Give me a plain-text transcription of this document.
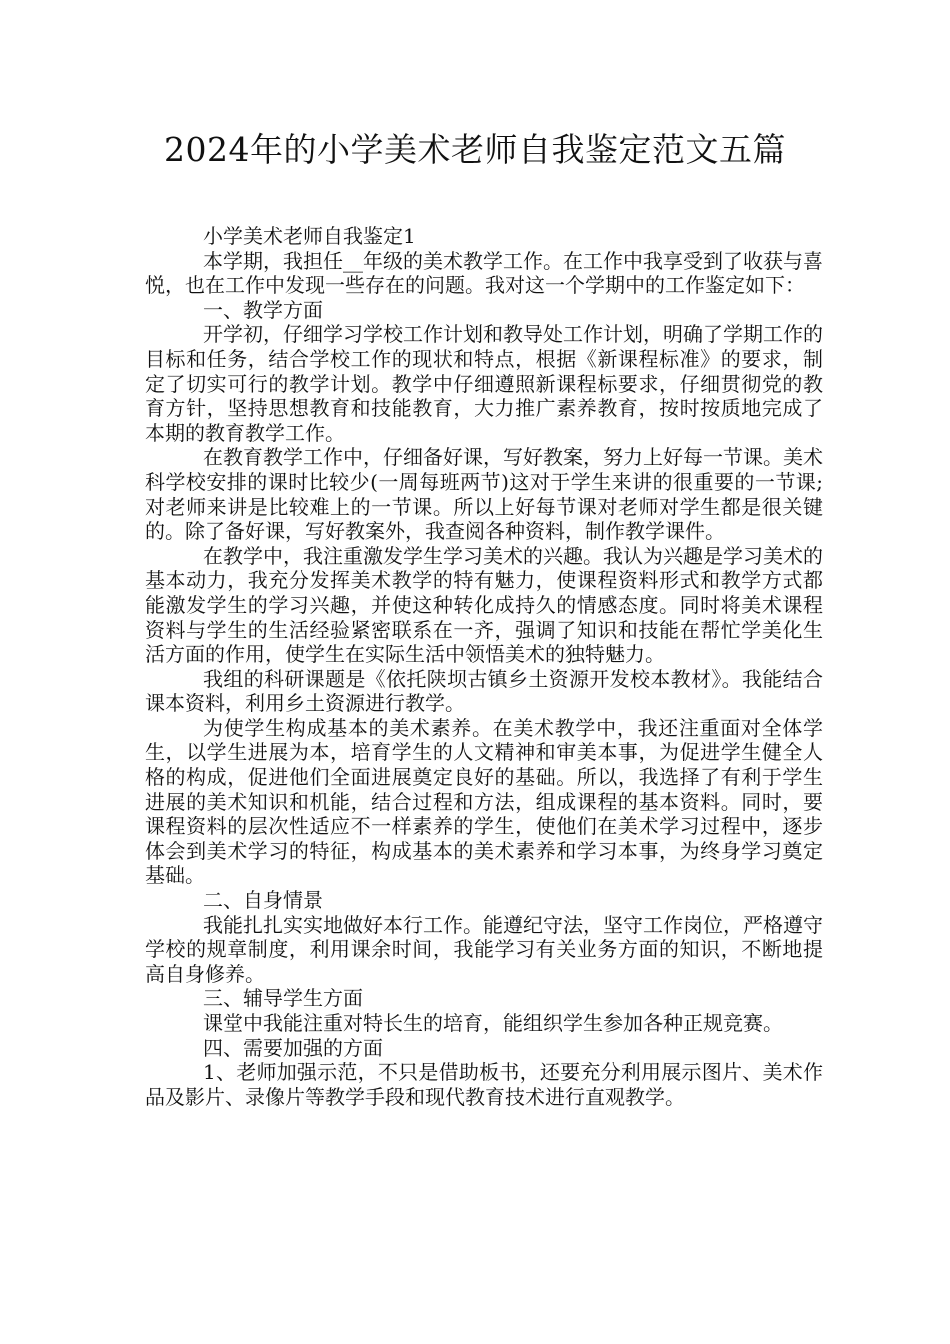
2024年的小学美术老师自我鉴定范文五篇

小学美术老师自我鉴定1

本学期，我担任__年级的美术教学工作。在工作中我享受到了收获与喜悦，也在工作中发现一些存在的问题。我对这一个学期中的工作鉴定如下：

一、教学方面

开学初，仔细学习学校工作计划和教导处工作计划，明确了学期工作的目标和任务，结合学校工作的现状和特点，根据《新课程标准》的要求，制定了切实可行的教学计划。教学中仔细遵照新课程标要求，仔细贯彻党的教育方针，坚持思想教育和技能教育，大力推广素养教育，按时按质地完成了本期的教育教学工作。

在教育教学工作中，仔细备好课，写好教案，努力上好每一节课。美术科学校安排的课时比较少(一周每班两节)这对于学生来讲的很重要的一节课;对老师来讲是比较难上的一节课。所以上好每节课对老师对学生都是很关键的。除了备好课，写好教案外，我查阅各种资料，制作教学课件。

在教学中，我注重激发学生学习美术的兴趣。我认为兴趣是学习美术的基本动力，我充分发挥美术教学的特有魅力，使课程资料形式和教学方式都能激发学生的学习兴趣，并使这种转化成持久的情感态度。同时将美术课程资料与学生的生活经验紧密联系在一齐，强调了知识和技能在帮忙学美化生活方面的作用，使学生在实际生活中领悟美术的独特魅力。

我组的科研课题是《依托陕坝古镇乡土资源开发校本教材》。我能结合课本资料，利用乡土资源进行教学。

为使学生构成基本的美术素养。在美术教学中，我还注重面对全体学生，以学生进展为本，培育学生的人文精神和审美本事，为促进学生健全人格的构成，促进他们全面进展奠定良好的基础。所以，我选择了有利于学生进展的美术知识和机能，结合过程和方法，组成课程的基本资料。同时，要课程资料的层次性适应不一样素养的学生，使他们在美术学习过程中，逐步体会到美术学习的特征，构成基本的美术素养和学习本事，为终身学习奠定基础。

二、自身情景

我能扎扎实实地做好本行工作。能遵纪守法，坚守工作岗位，严格遵守学校的规章制度，利用课余时间，我能学习有关业务方面的知识，不断地提高自身修养。

三、辅导学生方面

课堂中我能注重对特长生的培育，能组织学生参加各种正规竞赛。

四、需要加强的方面

1、老师加强示范，不只是借助板书，还要充分利用展示图片、美术作品及影片、录像片等教学手段和现代教育技术进行直观教学。
